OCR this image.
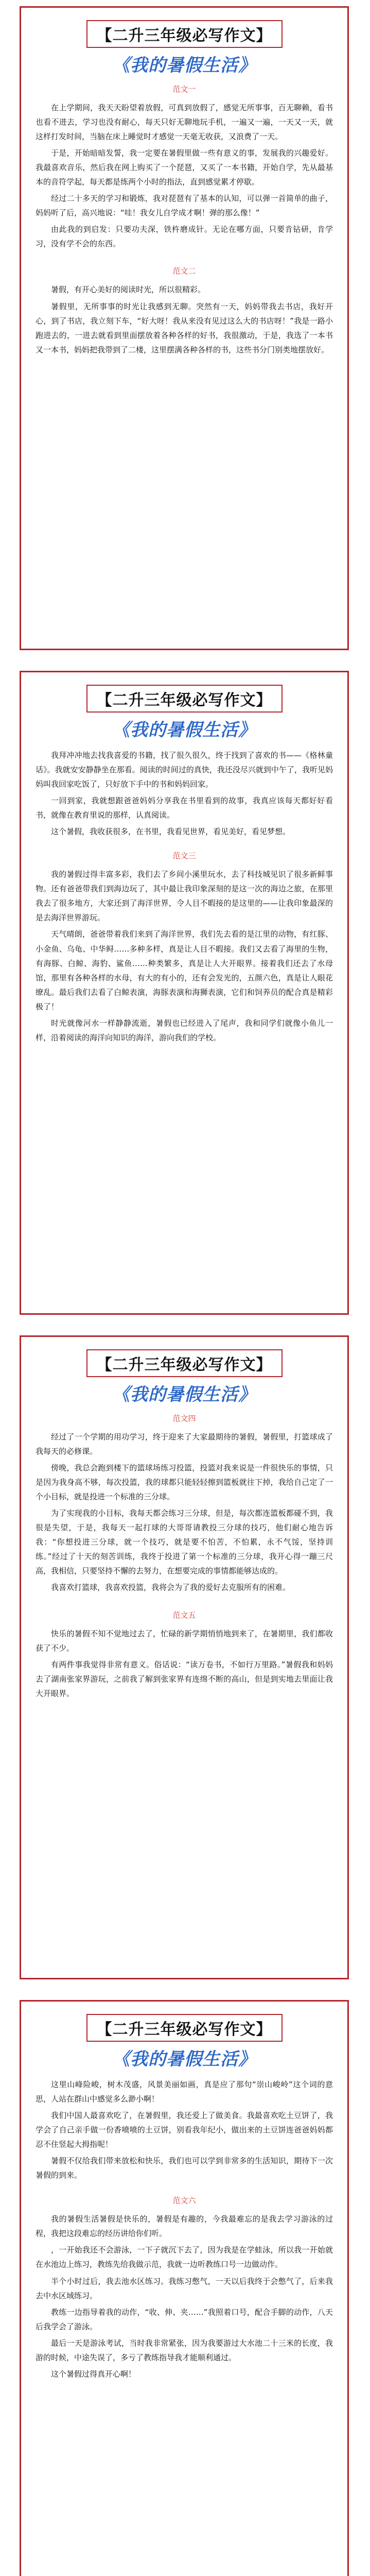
【二升三年级必写作文】
《我的暑假生活》
范文一

在上学期间，我天天盼望着放假，可真到放假了，感觉无所事事，百无聊赖，看书也看不进去，学习也没有耐心，每天只好无聊地玩手机，一遍又一遍，一天又一天，就这样打发时间，当脑在床上睡觉时才感觉一天毫无收获，又浪费了一天。

于是，开始暗暗发誓，我一定要在暑假里做一些有意义的事，发展我的兴趣爱好。我最喜欢音乐，然后我在网上购买了一个琵琶，又买了一本书籍，开始自学，先从最基本的音符学起，每天都是练两个小时的指法，直到感觉累才停歇。

经过二十多天的学习和锻炼，我对琵琶有了基本的认知，可以弹一首简单的曲子，妈妈听了后，高兴地说：“哇！我女儿自学成才啊！弹的那么像！”

由此我的到启发：只要功夫深，铁杵磨成针。无论在哪方面，只要肯钻研，肯学习，没有学不会的东西。

范文二

暑假，有开心美好的阅读时光，所以很精彩。

暑假里，无所事事的时光让我感到无聊。突然有一天，妈妈带我去书店，我好开心，到了书店，我立刻下车，“好大呀！我从来没有见过这么大的书店呀！”我是一路小跑进去的，一进去就看到里面摆放着各种各样的好书，我很激动，于是，我选了一本书又一本书，妈妈把我带到了二楼，这里摆满各种各样的书，这些书分门别类地摆放好。

【二升三年级必写作文】
《我的暑假生活》

我拜冲冲地去找我喜爱的书籍，找了很久很久，终于找到了喜欢的书——《格林童话》。我就安安静静坐在那看。阅读的时间过的真快，我还没尽兴就到中午了，我听见妈妈叫我回家吃饭了，只好放下手中的书和妈妈回家。

一回到家，我就想跟爸爸妈妈分享我在书里看到的故事，我真应该每天都好好看书，就像在教育里说的那样，认真阅读。

这个暑假，我收获很多，在书里，我看见世界，看见美好，看见梦想。

范文三

我的暑假过得丰富多彩，我们去了乡间小溪里玩水，去了科技城见识了很多新鲜事物。还有爸爸带我们到海边玩了，其中最让我印象深刻的是这一次的海边之旅，在那里我去了很多地方，大家还到了海洋世界，令人目不暇接的是这里的——让我印象最深的是去海洋世界游玩。

天气晴朗，爸爸带着我们来到了海洋世界，我们先去看的是江里的动物，有红豚、小金鱼、乌龟、中华鲟……多种多样，真是让人目不暇接。我们又去看了海里的生物，有海豚、白鲸、海豹、鲨鱼……种类繁多，真是让人大开眼界。接着我们还去了水母馆，那里有各种各样的水母，有大的有小的，还有会发光的，五颜六色，真是让人眼花缭乱。最后我们去看了白鲸表演，海豚表演和海狮表演，它们和饲养员的配合真是精彩极了！

时光就像河水一样静静流逝，暑假也已经进入了尾声，我和同学们就像小鱼儿一样，沿着阅读的海洋向知识的海洋，游向我们的学校。

【二升三年级必写作文】
《我的暑假生活》
范文四

经过了一个学期的用功学习，终于迎来了大家最期待的暑假，暑假里，打篮球成了我每天的必修课。

傍晚，我总会跑到楼下的篮球场练习投篮，投篮对我来说是一件很快乐的事情，只是因为我身高不够，每次投篮，我的球都只能轻轻擦到篮板就往下掉，我给自己定了一个小目标，就是投进一个标准的三分球。

为了实现我的小目标，我每天都会练习三分球，但是，每次都连篮板都碰不到，我很是失望，于是，我每天一起打球的大哥哥请教投三分球的技巧，他们耐心地告诉我：“你想投进三分球，就一个技巧，就是要不怕苦，不怕累，永不气馁，坚持训练。”经过了十天的刻苦训练，我终于投进了第一个标准的三分球，我开心得一蹦三尺高，我相信，只要坚持不懈的去努力，在想要完成的事情都能够达成的。

我喜欢打篮球，我喜欢投篮，我将会为了我的爱好去克服所有的困难。

范文五

快乐的暑假不知不觉地过去了，忙碌的新学期悄悄地到来了，在暑期里，我们都收获了不少。

有两件事我觉得非常有意义。俗话说：“读万卷书，不如行万里路。”暑假我和妈妈去了湖南张家界游玩，之前我了解到张家界有连绵不断的高山，但是到实地去里面让我大开眼界。

【二升三年级必写作文】
《我的暑假生活》

这里山峰险峻，树木茂盛，风景美丽如画，真是应了那句“崇山峻岭”这个词的意思，人站在群山中感觉多么渺小啊！

我们中国人最喜欢吃了，在暑假里，我还爱上了做美食。我最喜欢吃土豆饼了，我学会了自己亲手做一份香喷喷的土豆饼，别看我年纪小，做出来的土豆饼连爸爸妈妈都忍不住竖起大拇指呢！

暑假不仅给我们带来放松和快乐，我们也可以学到非常多的生活知识，期待下一次暑假的到来。

范文六

我的暑假生活暑假是快乐的，暑假是有趣的，今我最难忘的是我去学习游泳的过程，我把这段难忘的经历讲给你们听。

，一开始我还不会游泳，一下子就沉下去了，因为我是在学蛙泳，所以我一开始就在水池边上练习，教练先给我做示范，我就一边听教练口号一边做动作。

半个小时过后，我去池水区练习。我练习憋气，一天以后我终于会憋气了，后来我去中水区域练习。

教练一边指导着我的动作，“收、伸、夹……”我照着口号，配合手脚的动作，八天后我学会了游泳。

最后一天是游泳考试，当时我非常紧张，因为我要游过大水池二十三米的长度，我游的时候，中途失误了，多亏了教练指导我才能顺利通过。

这个暑假过得真开心啊！
